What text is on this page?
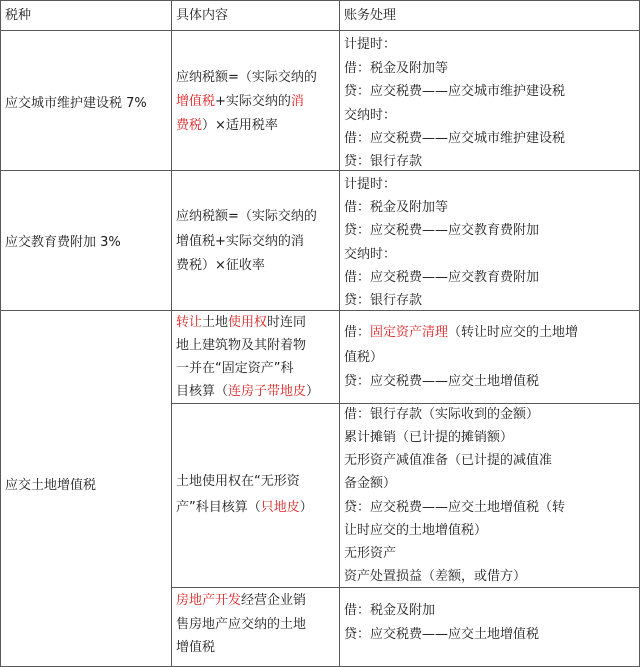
税种	具体内容	账务处理
应交城市维护建设税 7%
应纳税额=（实际交纳的
增值税+实际交纳的消
费税）×适用税率
计提时：
借：税金及附加等
贷：应交税费——应交城市维护建设税
交纳时：
借：应交税费——应交城市维护建设税
贷：银行存款
应交教育费附加 3%
应纳税额=（实际交纳的
增值税+实际交纳的消
费税）×征收率
计提时：
借：税金及附加等
贷：应交税费——应交教育费附加
交纳时：
借：应交税费——应交教育费附加
贷：银行存款
应交土地增值税
转让土地使用权时连同
地上建筑物及其附着物
一并在“固定资产”科
目核算（连房子带地皮）
借：固定资产清理（转让时应交的土地增
值税）
贷：应交税费——应交土地增值税
土地使用权在“无形资
产”科目核算（只地皮）
借：银行存款（实际收到的金额）
累计摊销（已计提的摊销额）
无形资产减值准备（已计提的减值准
备金额）
贷：应交税费——应交土地增值税（转
让时应交的土地增值税）
无形资产
资产处置损益（差额，或借方）
房地产开发经营企业销
售房地产应交纳的土地
增值税
借：税金及附加
贷：应交税费——应交土地增值税
